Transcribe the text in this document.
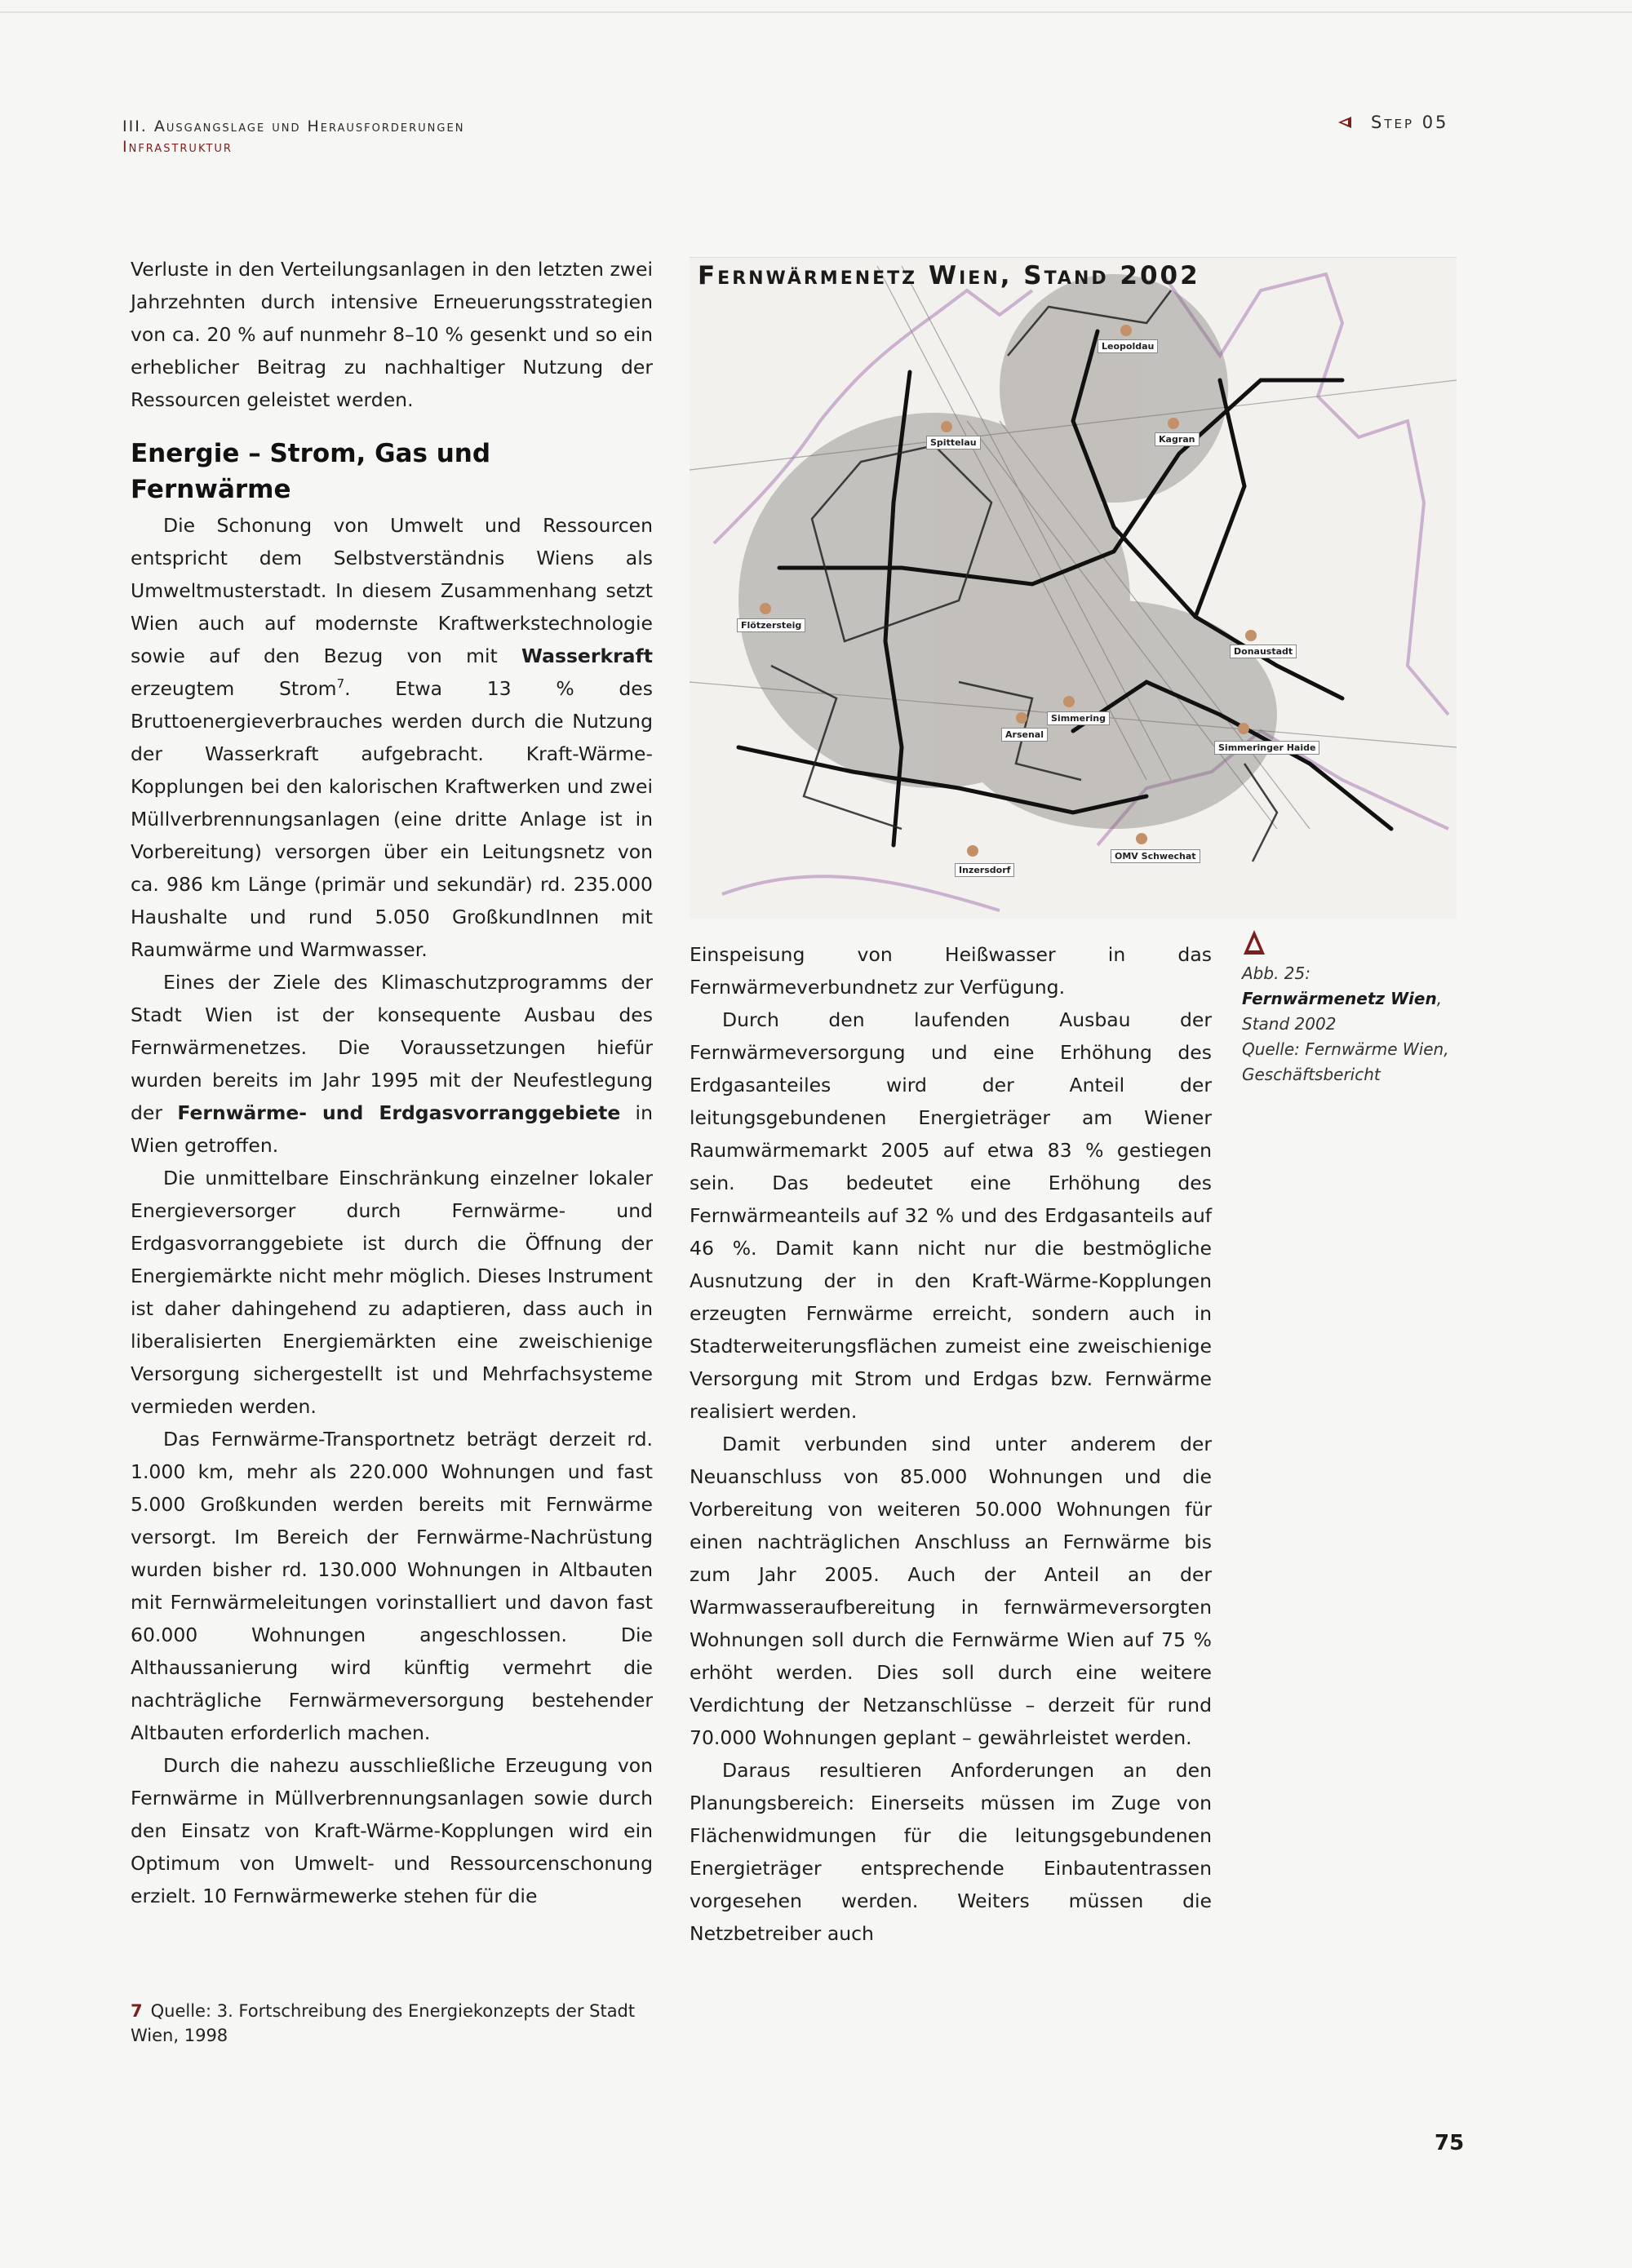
III. Ausgangslage und Herausforderungen
Infrastruktur
Step 05

Verluste in den Verteilungsanlagen in den letzten zwei Jahrzehnten durch intensive Erneuerungsstrategien von ca. 20 % auf nunmehr 8–10 % gesenkt und so ein erheblicher Beitrag zu nachhaltiger Nutzung der Ressourcen geleistet werden.

Energie – Strom, Gas und Fernwärme

Die Schonung von Umwelt und Ressourcen entspricht dem Selbstverständnis Wiens als Umweltmusterstadt. In diesem Zusammenhang setzt Wien auch auf modernste Kraftwerkstechnologie sowie auf den Bezug von mit Wasserkraft erzeugtem Strom$^7$. Etwa 13 % des Bruttoenergieverbrauches werden durch die Nutzung der Wasserkraft aufgebracht. Kraft-Wärme-Kopplungen bei den kalorischen Kraftwerken und zwei Müllverbrennungsanlagen (eine dritte Anlage ist in Vorbereitung) versorgen über ein Leitungsnetz von ca. 986 km Länge (primär und sekundär) rd. 235.000 Haushalte und rund 5.050 GroßkundInnen mit Raumwärme und Warmwasser.

Eines der Ziele des Klimaschutzprogramms der Stadt Wien ist der konsequente Ausbau des Fernwärmenetzes. Die Voraussetzungen hiefür wurden bereits im Jahr 1995 mit der Neufestlegung der Fernwärme- und Erdgasvorranggebiete in Wien getroffen.

Die unmittelbare Einschränkung einzelner lokaler Energieversorger durch Fernwärme- und Erdgasvorranggebiete ist durch die Öffnung der Energiemärkte nicht mehr möglich. Dieses Instrument ist daher dahingehend zu adaptieren, dass auch in liberalisierten Energiemärkten eine zweischienige Versorgung sichergestellt ist und Mehrfachsysteme vermieden werden.

Das Fernwärme-Transportnetz beträgt derzeit rd. 1.000 km, mehr als 220.000 Wohnungen und fast 5.000 Großkunden werden bereits mit Fernwärme versorgt. Im Bereich der Fernwärme-Nachrüstung wurden bisher rd. 130.000 Wohnungen in Altbauten mit Fernwärmeleitungen vorinstalliert und davon fast 60.000 Wohnungen angeschlossen. Die Althaussanierung wird künftig vermehrt die nachträgliche Fernwärmeversorgung bestehender Altbauten erforderlich machen.

Durch die nahezu ausschließliche Erzeugung von Fernwärme in Müllverbrennungsanlagen sowie durch den Einsatz von Kraft-Wärme-Kopplungen wird ein Optimum von Umwelt- und Ressourcenschonung erzielt. 10 Fernwärmewerke stehen für die

Leopoldau
Spittelau	Kagran
Flötzersteig
Donaustadt
Arsenal
Simmering
Simmeringer Haide
Inzersdorf
OMV Schwechat
Fernwärmenetz Wien, Stand 2002

Einspeisung von Heißwasser in das Fernwärmeverbundnetz zur Verfügung.

Durch den laufenden Ausbau der Fernwärmeversorgung und eine Erhöhung des Erdgasanteiles wird der Anteil der leitungsgebundenen Energieträger am Wiener Raumwärmemarkt 2005 auf etwa 83 % gestiegen sein. Das bedeutet eine Erhöhung des Fernwärmeanteils auf 32 % und des Erdgasanteils auf 46 %. Damit kann nicht nur die bestmögliche Ausnutzung der in den Kraft-Wärme-Kopplungen erzeugten Fernwärme erreicht, sondern auch in Stadterweiterungsflächen zumeist eine zweischienige Versorgung mit Strom und Erdgas bzw. Fernwärme realisiert werden.

Damit verbunden sind unter anderem der Neuanschluss von 85.000 Wohnungen und die Vorbereitung von weiteren 50.000 Wohnungen für einen nachträglichen Anschluss an Fernwärme bis zum Jahr 2005. Auch der Anteil an der Warmwasseraufbereitung in fernwärmeversorgten Wohnungen soll durch die Fernwärme Wien auf 75 % erhöht werden. Dies soll durch eine weitere Verdichtung der Netzanschlüsse – derzeit für rund 70.000 Wohnungen geplant – gewährleistet werden.

Daraus resultieren Anforderungen an den Planungsbereich: Einerseits müssen im Zuge von Flächenwidmungen für die leitungsgebundenen Energieträger entsprechende Einbautentrassen vorgesehen werden. Weiters müssen die Netzbetreiber auch

Abb. 25:
Fernwärmenetz Wien,
Stand 2002
Quelle: Fernwärme Wien, Geschäftsbericht
7 Quelle: 3. Fortschreibung des Energiekonzepts der Stadt Wien, 1998
75
